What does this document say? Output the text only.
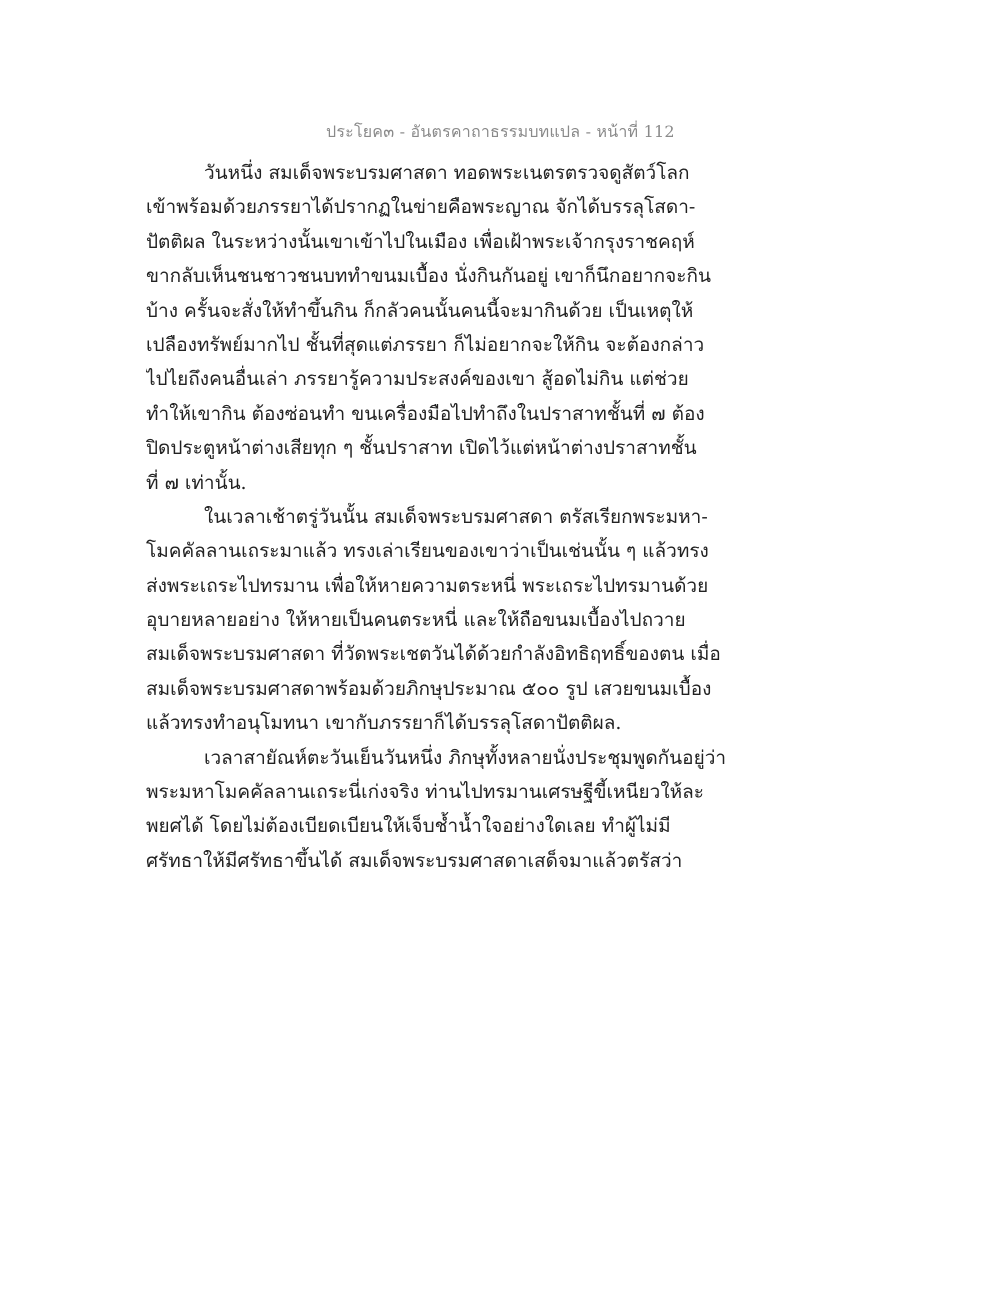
ประโยค๓ - อันตรคาถาธรรมบทแปล - หน้าที่ 112
วันหนึ่ง สมเด็จพระบรมศาสดา ทอดพระเนตรตรวจดูสัตว์โลก
เข้าพร้อมด้วยภรรยาได้ปรากฏในข่ายคือพระญาณ จักได้บรรลุโสดา-
ปัตติผล ในระหว่างนั้นเขาเข้าไปในเมือง เพื่อเฝ้าพระเจ้ากรุงราชคฤห์
ขากลับเห็นชนชาวชนบททำขนมเบื้อง นั่งกินกันอยู่ เขาก็นึกอยากจะกิน
บ้าง ครั้นจะสั่งให้ทำขึ้นกิน ก็กลัวคนนั้นคนนี้จะมากินด้วย เป็นเหตุให้
เปลืองทรัพย์มากไป ชั้นที่สุดแต่ภรรยา ก็ไม่อยากจะให้กิน จะต้องกล่าว
ไปไยถึงคนอื่นเล่า ภรรยารู้ความประสงค์ของเขา สู้อดไม่กิน แต่ช่วย
ทำให้เขากิน ต้องซ่อนทำ ขนเครื่องมือไปทำถึงในปราสาทชั้นที่ ๗ ต้อง
ปิดประตูหน้าต่างเสียทุก ๆ ชั้นปราสาท เปิดไว้แต่หน้าต่างปราสาทชั้น
ที่ ๗ เท่านั้น.
ในเวลาเช้าตรู่วันนั้น สมเด็จพระบรมศาสดา ตรัสเรียกพระมหา-
โมคคัลลานเถระมาแล้ว ทรงเล่าเรียนของเขาว่าเป็นเช่นนั้น ๆ แล้วทรง
ส่งพระเถระไปทรมาน เพื่อให้หายความตระหนี่ พระเถระไปทรมานด้วย
อุบายหลายอย่าง ให้หายเป็นคนตระหนี่ และให้ถือขนมเบื้องไปถวาย
สมเด็จพระบรมศาสดา ที่วัดพระเชตวันได้ด้วยกำลังอิทธิฤทธิ์ของตน เมื่อ
สมเด็จพระบรมศาสดาพร้อมด้วยภิกษุประมาณ ๕๐๐ รูป เสวยขนมเบื้อง
แล้วทรงทำอนุโมทนา เขากับภรรยาก็ได้บรรลุโสดาปัตติผล.
เวลาสายัณห์ตะวันเย็นวันหนึ่ง ภิกษุทั้งหลายนั่งประชุมพูดกันอยู่ว่า
พระมหาโมคคัลลานเถระนี่เก่งจริง ท่านไปทรมานเศรษฐีขี้เหนียวให้ละ
พยศได้ โดยไม่ต้องเบียดเบียนให้เจ็บช้ำน้ำใจอย่างใดเลย ทำผู้ไม่มี
ศรัทธาให้มีศรัทธาขึ้นได้ สมเด็จพระบรมศาสดาเสด็จมาแล้วตรัสว่า
